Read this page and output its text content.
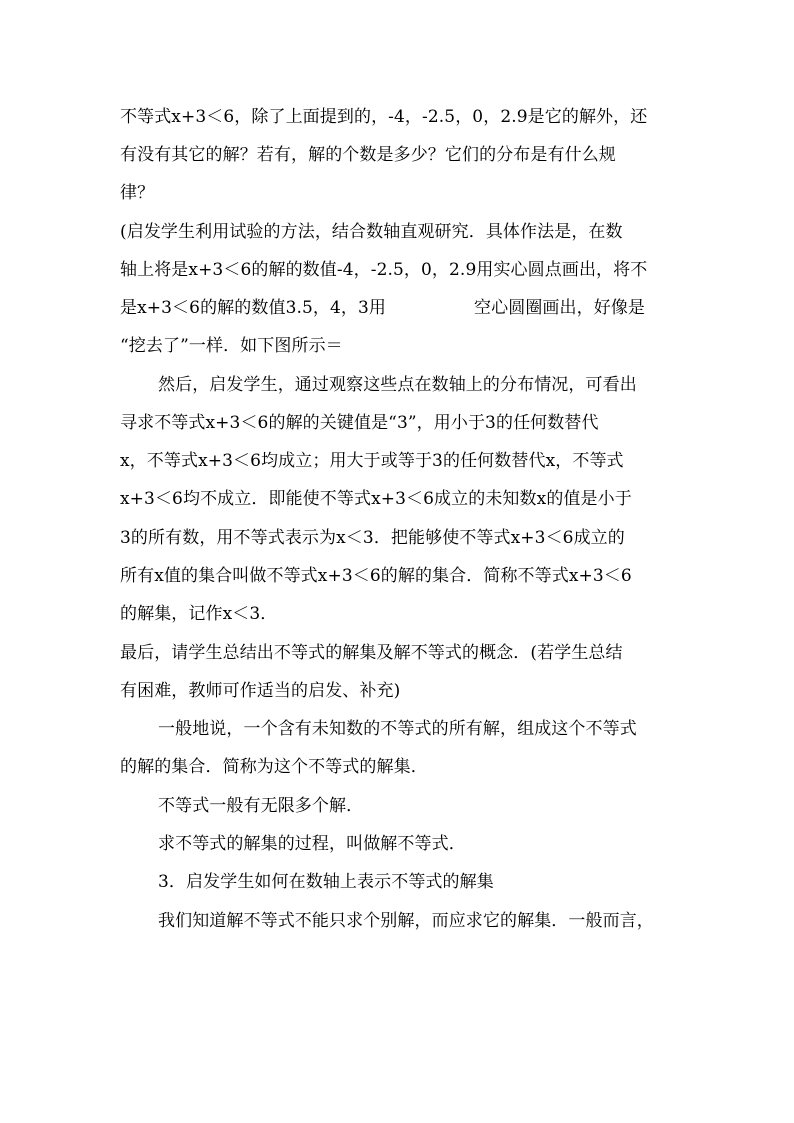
不等式x+3＜6，除了上面提到的，-4，-2.5，0，2.9是它的解外，还
有没有其它的解？若有，解的个数是多少？它们的分布是有什么规
律？
(启发学生利用试验的方法，结合数轴直观研究．具体作法是，在数
轴上将是x+3＜6的解的数值-4，-2.5，0，2.9用实心圆点画出，将不
是x+3＜6的解的数值3.5，4，3用	空心圆圈画出，好像是
“挖去了”一样．如下图所示＝
然后，启发学生，通过观察这些点在数轴上的分布情况，可看出
寻求不等式x+3＜6的解的关键值是“3”，用小于3的任何数替代
x，不等式x+3＜6均成立；用大于或等于3的任何数替代x，不等式
x+3＜6均不成立．即能使不等式x+3＜6成立的未知数x的值是小于
3的所有数，用不等式表示为x＜3．把能够使不等式x+3＜6成立的
所有x值的集合叫做不等式x+3＜6的解的集合．简称不等式x+3＜6
的解集，记作x＜3．
最后，请学生总结出不等式的解集及解不等式的概念．(若学生总结
有困难，教师可作适当的启发、补充)
一般地说，一个含有未知数的不等式的所有解，组成这个不等式
的解的集合．简称为这个不等式的解集．
不等式一般有无限多个解．
求不等式的解集的过程，叫做解不等式．
3．启发学生如何在数轴上表示不等式的解集
我们知道解不等式不能只求个别解，而应求它的解集．一般而言，
